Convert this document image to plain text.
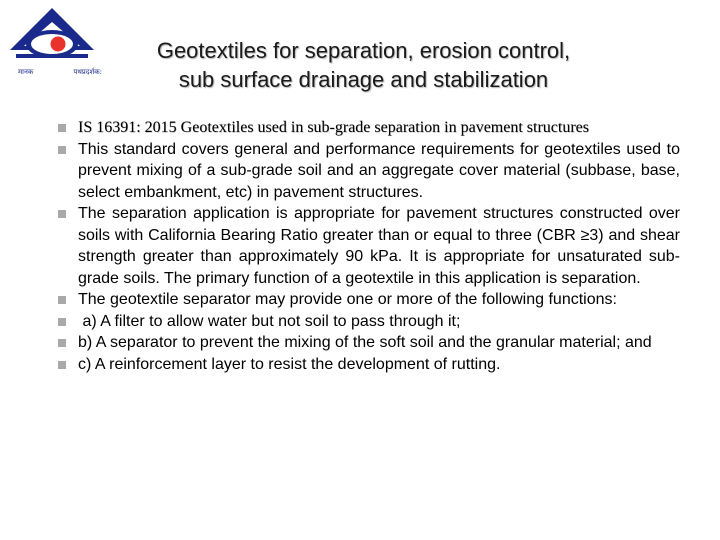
मानक	पथप्रदर्शक:
Geotextiles for separation, erosion control,
sub surface drainage and stabilization
IS 16391: 2015 Geotextiles used in sub-grade separation in pavement structures
This standard covers general and performance requirements for geotextiles used to prevent mixing of a sub-grade soil and an aggregate cover material (subbase, base, select embankment, etc) in pavement structures.
The separation application is appropriate for pavement structures constructed over soils with California Bearing Ratio greater than or equal to three (CBR ≥3) and shear strength greater than approximately 90 kPa. It is appropriate for unsaturated sub-grade soils. The primary function of a geotextile in this application is separation.
The geotextile separator may provide one or more of the following functions:
a) A filter to allow water but not soil to pass through it;
b) A separator to prevent the mixing of the soft soil and the granular material; and
c) A reinforcement layer to resist the development of rutting.
